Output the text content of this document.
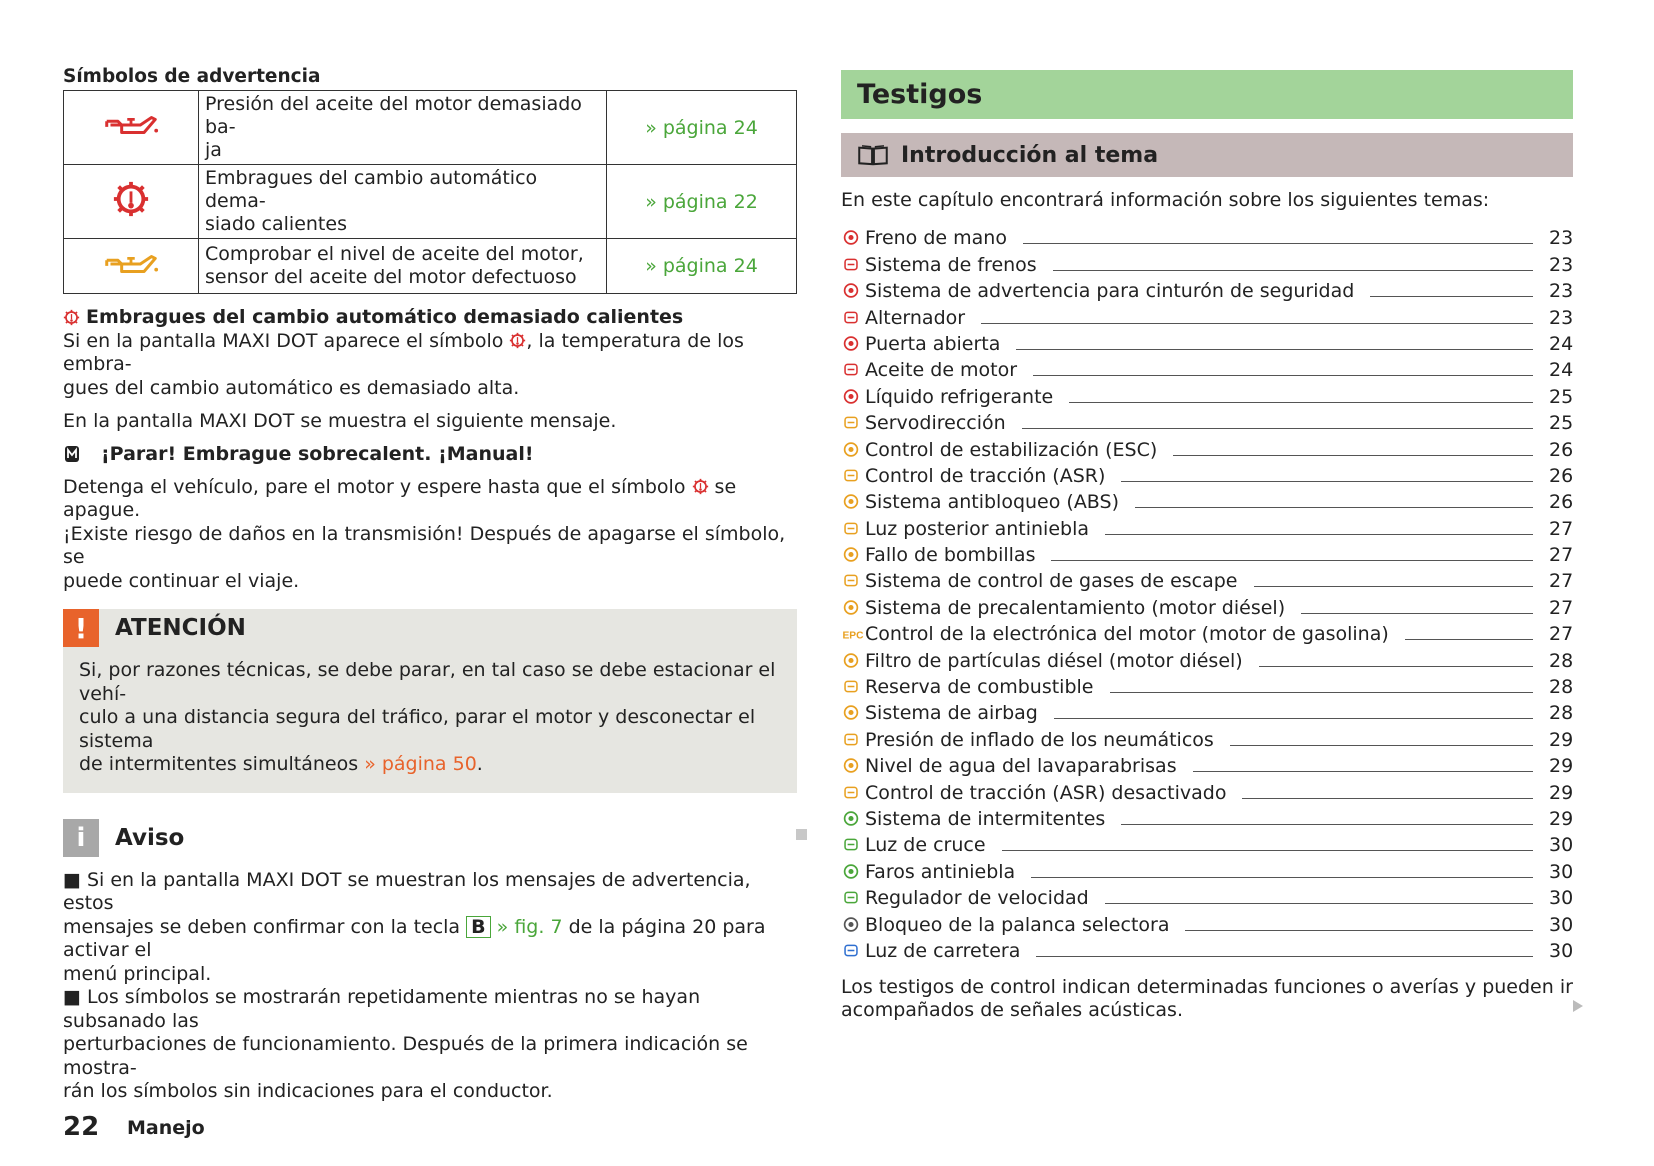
Símbolos de advertencia

Presión del aceite del motor demasiado ba-
ja	» página 24

Embragues del cambio automático dema-
siado calientes	» página 22

Comprobar el nivel de aceite del motor,
sensor del aceite del motor defectuoso	» página 24
Embragues del cambio automático demasiado calientes
Si en la pantalla MAXI DOT aparece el símbolo , la temperatura de los embra-
gues del cambio automático es demasiado alta.
En la pantalla MAXI DOT se muestra el siguiente mensaje.
¡Parar! Embrague sobrecalent. ¡Manual!
Detenga el vehículo, pare el motor y espere hasta que el símbolo se apague.
¡Existe riesgo de daños en la transmisión! Después de apagarse el símbolo, se
puede continuar el viaje.
!	ATENCIÓN
Si, por razones técnicas, se debe parar, en tal caso se debe estacionar el vehí-
culo a una distancia segura del tráfico, parar el motor y desconectar el sistema
de intermitentes simultáneos » página 50.
i	Aviso
■ Si en la pantalla MAXI DOT se muestran los mensajes de advertencia, estos
mensajes se deben confirmar con la tecla B » fig. 7 de la página 20 para activar el
menú principal.
■ Los símbolos se mostrarán repetidamente mientras no se hayan subsanado las
perturbaciones de funcionamiento. Después de la primera indicación se mostra-
rán los símbolos sin indicaciones para el conductor.
Testigos
Introducción al tema
En este capítulo encontrará información sobre los siguientes temas:
Freno de mano	23
Sistema de frenos	23
Sistema de advertencia para cinturón de seguridad	23
Alternador	23
Puerta abierta	24
Aceite de motor	24
Líquido refrigerante	25
Servodirección	25
Control de estabilización (ESC)	26
Control de tracción (ASR)	26
Sistema antibloqueo (ABS)	26
Luz posterior antiniebla	27
Fallo de bombillas	27
Sistema de control de gases de escape	27
Sistema de precalentamiento (motor diésel)	27
EPC Control de la electrónica del motor (motor de gasolina)	27
Filtro de partículas diésel (motor diésel)	28
Reserva de combustible	28
Sistema de airbag	28
Presión de inflado de los neumáticos	29
Nivel de agua del lavaparabrisas	29
Control de tracción (ASR) desactivado	29
Sistema de intermitentes	29
Luz de cruce	30
Faros antiniebla	30
Regulador de velocidad	30
Bloqueo de la palanca selectora	30
Luz de carretera	30
Los testigos de control indican determinadas funciones o averías y pueden ir
acompañados de señales acústicas.
22 Manejo
